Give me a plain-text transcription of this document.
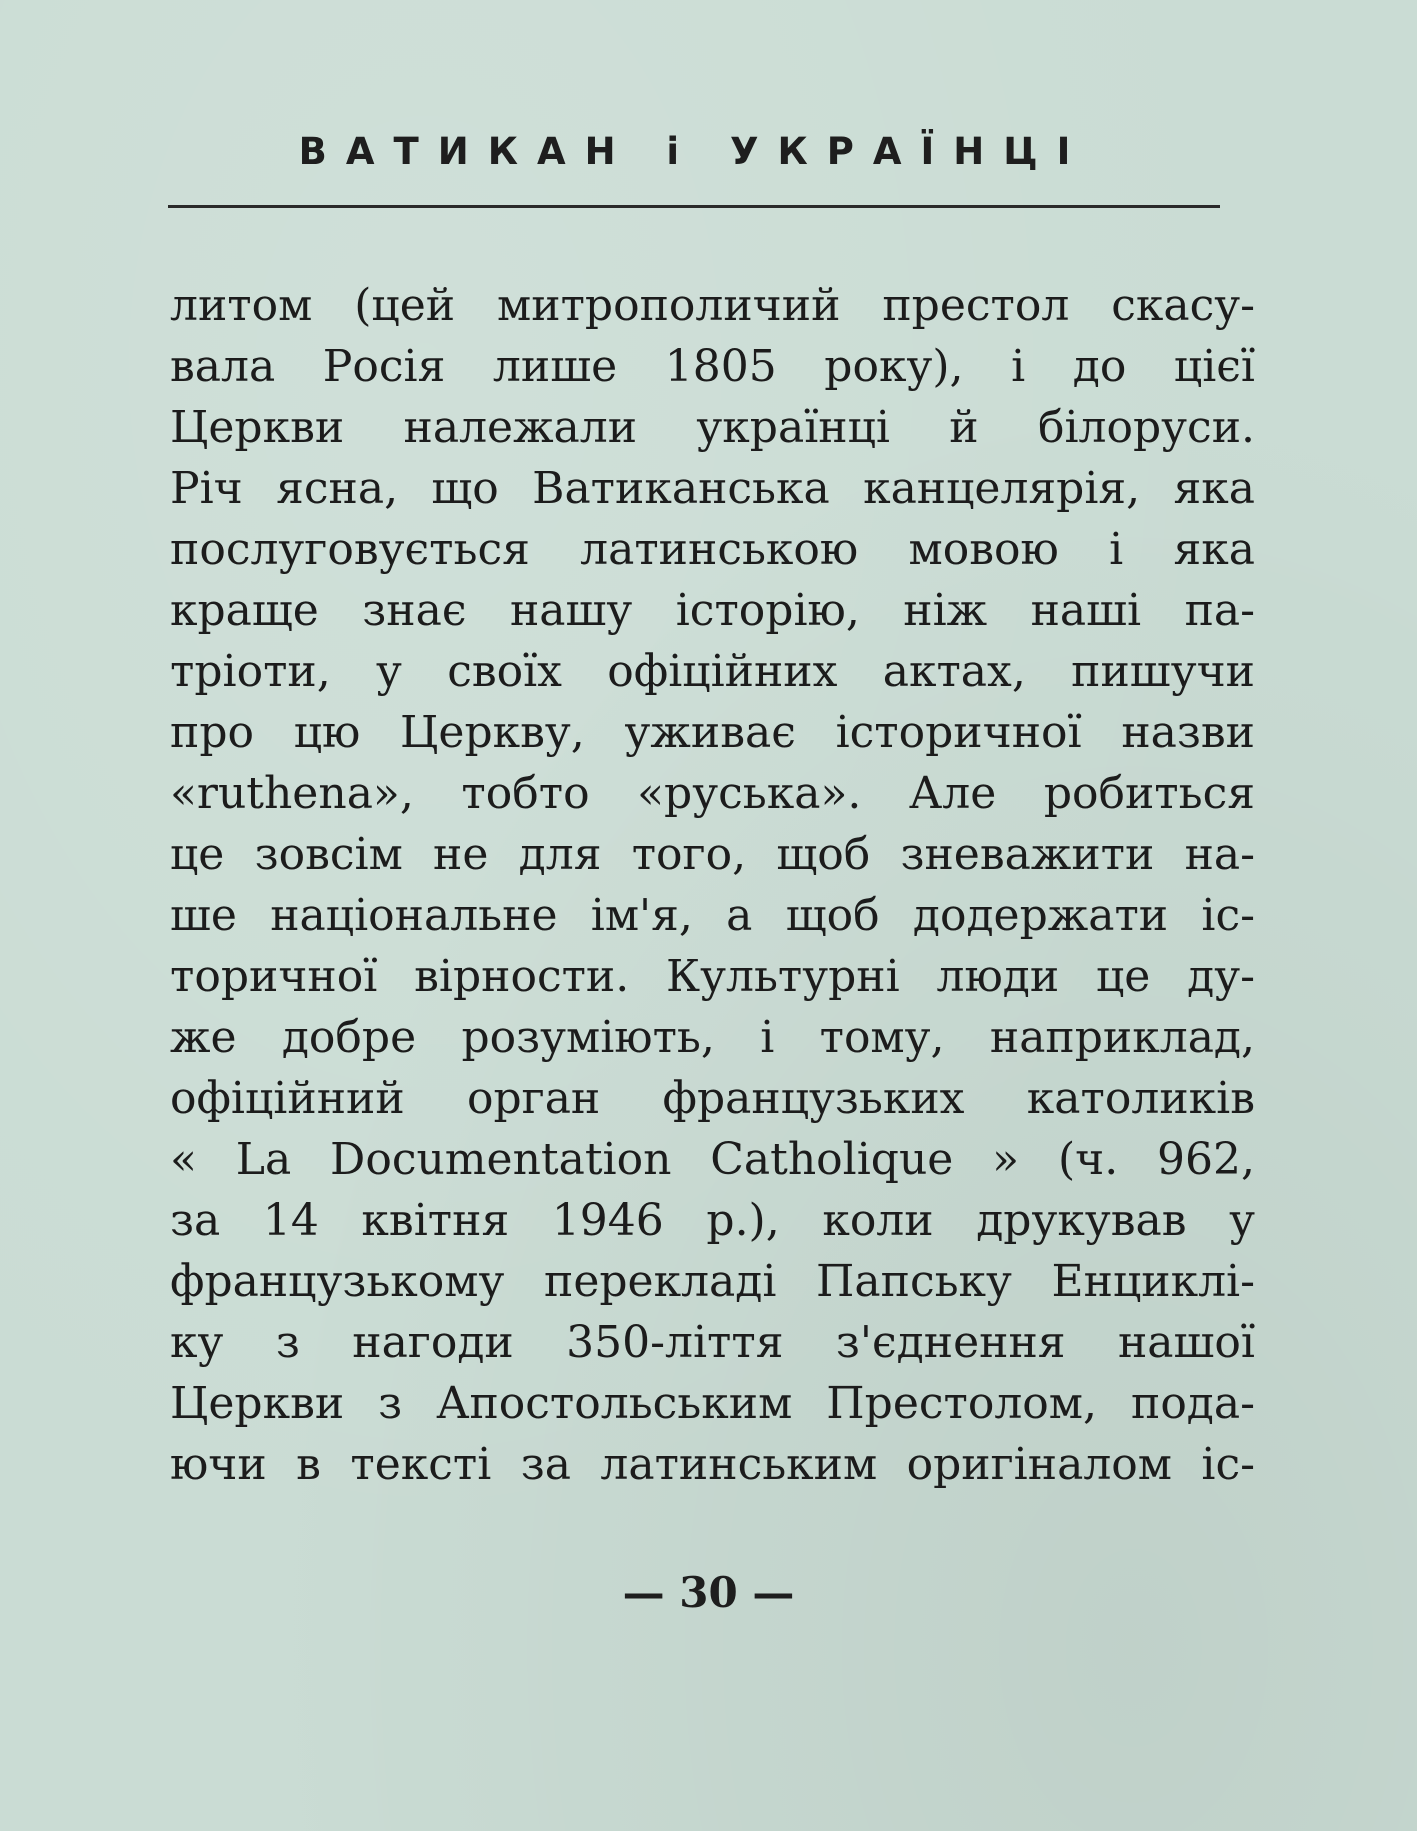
ВАТИКАН і УКРАЇНЦІ
литом (цей митрополичий престол скасу-
вала Росія лише 1805 року), і до цієї
Церкви належали українці й білоруси.
Річ ясна, що Ватиканська канцелярія, яка
послуговується латинською мовою і яка
краще знає нашу історію, ніж наші па-
тріоти, у своїх офіційних актах, пишучи
про цю Церкву, уживає історичної назви
«ruthena», тобто «руська». Але робиться
це зовсім не для того, щоб зневажити на-
ше національне ім'я, а щоб додержати іс-
торичної вірности. Культурні люди це ду-
же добре розуміють, і тому, наприклад,
офіційний орган французьких католиків
« La Documentation Catholique » (ч. 962,
за 14 квітня 1946 р.), коли друкував у
французькому перекладі Папську Енциклі-
ку з нагоди 350-ліття з'єднення нашої
Церкви з Апостольським Престолом, пода-
ючи в тексті за латинським оригіналом іс-
— 30 —
